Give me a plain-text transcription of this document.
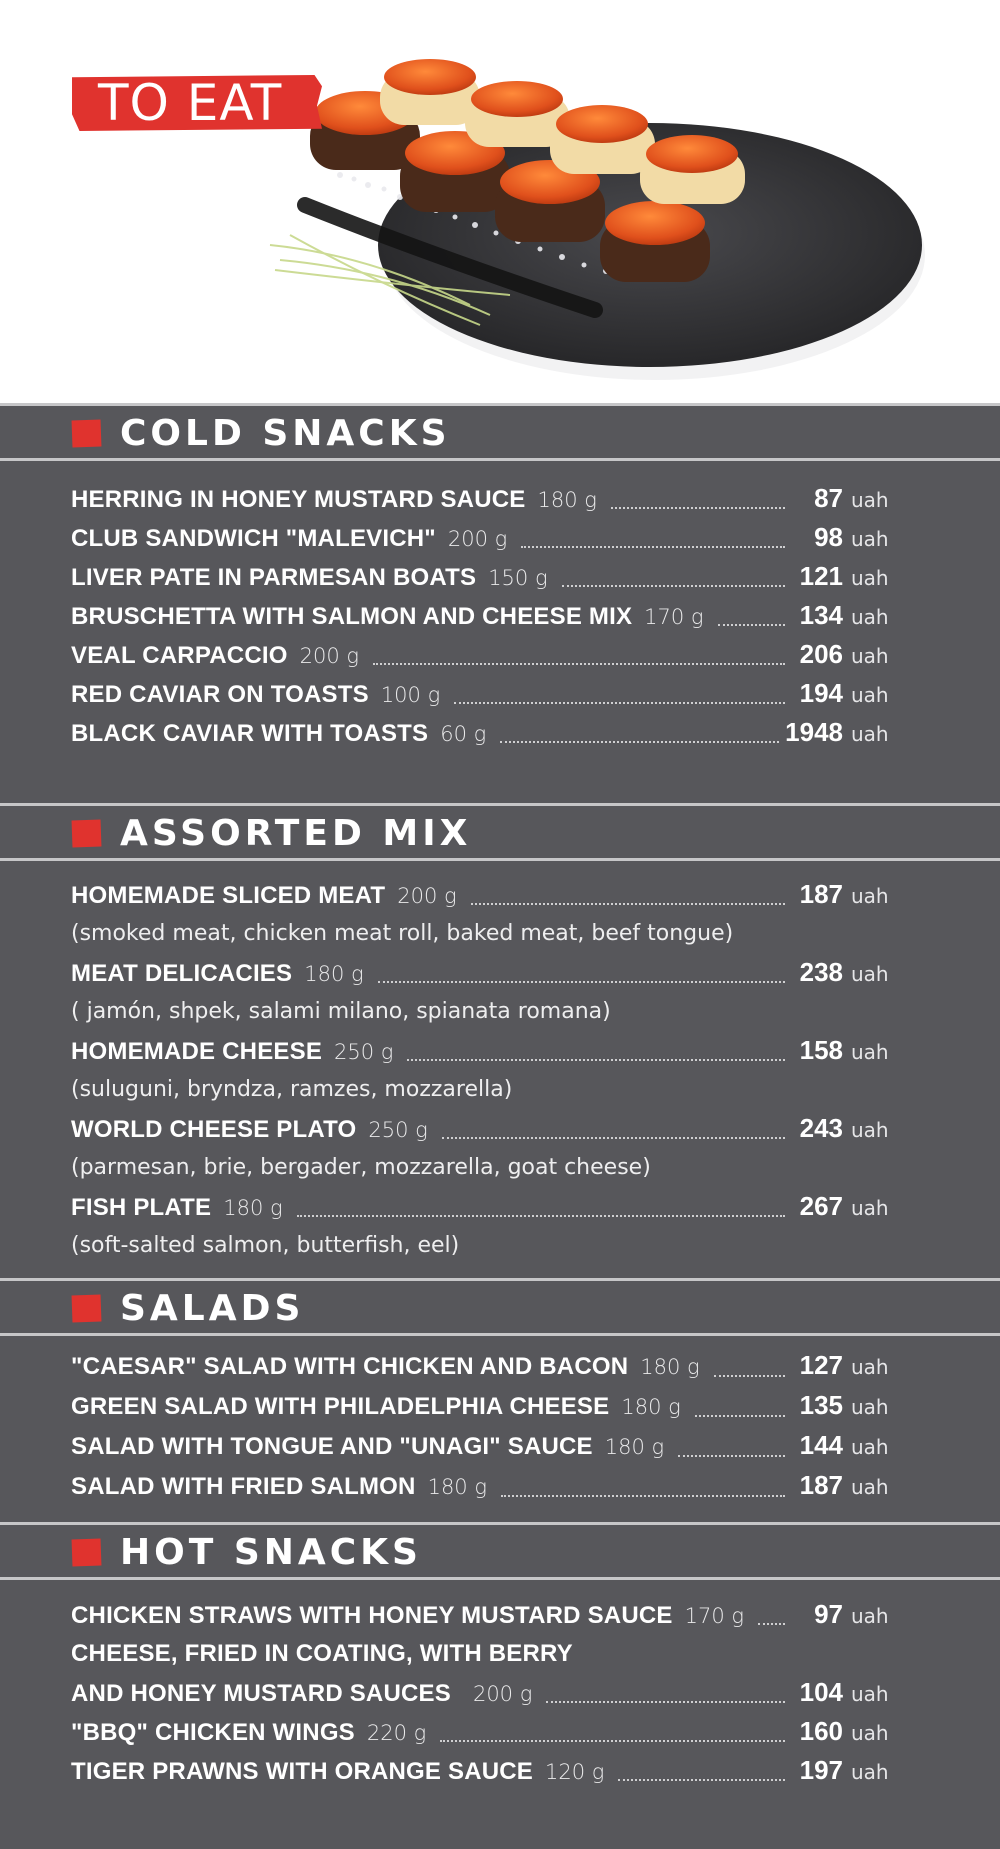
TO EAT
COLD SNACKS
HERRING IN HONEY MUSTARD SAUCE 180 g	87 uah
CLUB SANDWICH "MALEVICH" 200 g	98 uah
LIVER PATE IN PARMESAN BOATS 150 g	121 uah
BRUSCHETTA WITH SALMON AND CHEESE MIX 170 g	134 uah
VEAL CARPACCIO 200 g	206 uah
RED CAVIAR ON TOASTS 100 g	194 uah
BLACK CAVIAR WITH TOASTS 60 g	1948 uah
ASSORTED MIX
HOMEMADE SLICED MEAT 200 g	187 uah
(smoked meat, chicken meat roll, baked meat, beef tongue)
MEAT DELICACIES 180 g	238 uah
( jamón, shpek, salami milano, spianata romana)
HOMEMADE CHEESE 250 g	158 uah
(suluguni, bryndza, ramzes, mozzarella)
WORLD CHEESE PLATO 250 g	243 uah
(parmesan, brie, bergader, mozzarella, goat cheese)
FISH PLATE 180 g	267 uah
(soft-salted salmon, butterfish, eel)
SALADS
"CAESAR" SALAD WITH CHICKEN AND BACON 180 g	127 uah
GREEN SALAD WITH PHILADELPHIA CHEESE 180 g	135 uah
SALAD WITH TONGUE AND "UNAGI" SAUCE 180 g	144 uah
SALAD WITH FRIED SALMON 180 g	187 uah
HOT SNACKS
CHICKEN STRAWS WITH HONEY MUSTARD SAUCE 170 g	97 uah
CHEESE, FRIED IN COATING, WITH BERRY
AND HONEY MUSTARD SAUCES 200 g	104 uah
"BBQ" CHICKEN WINGS 220 g	160 uah
TIGER PRAWNS WITH ORANGE SAUCE 120 g	197 uah
